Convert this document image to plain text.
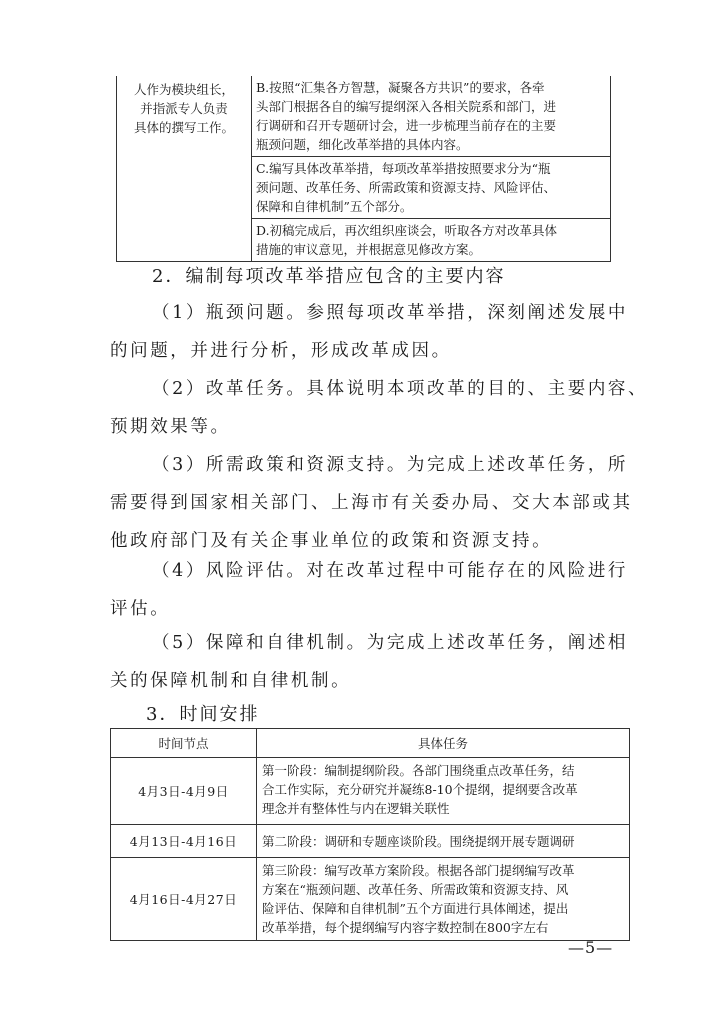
人作为模块组长，
并指派专人负责
具体的撰写工作。	B.按照“汇集各方智慧，凝聚各方共识”的要求，各牵
头部门根据各自的编写提纲深入各相关院系和部门，进
行调研和召开专题研讨会，进一步梳理当前存在的主要
瓶颈问题，细化改革举措的具体内容。
C.编写具体改革举措，每项改革举措按照要求分为“瓶
颈问题、改革任务、所需政策和资源支持、风险评估、
保障和自律机制”五个部分。
D.初稿完成后，再次组织座谈会，听取各方对改革具体
措施的审议意见，并根据意见修改方案。
2．编制每项改革举措应包含的主要内容
（1）瓶颈问题。参照每项改革举措，深刻阐述发展中
的问题，并进行分析，形成改革成因。
（2）改革任务。具体说明本项改革的目的、主要内容、
预期效果等。
（3）所需政策和资源支持。为完成上述改革任务，所
需要得到国家相关部门、上海市有关委办局、交大本部或其
他政府部门及有关企事业单位的政策和资源支持。
（4）风险评估。对在改革过程中可能存在的风险进行
评估。
（5）保障和自律机制。为完成上述改革任务，阐述相
关的保障机制和自律机制。
3．时间安排
时间节点	具体任务
4月3日-4月9日	第一阶段：编制提纲阶段。各部门围绕重点改革任务，结
合工作实际，充分研究并凝练8-10个提纲，提纲要含改革
理念并有整体性与内在逻辑关联性
4月13日-4月16日	第二阶段：调研和专题座谈阶段。围绕提纲开展专题调研
4月16日-4月27日	第三阶段：编写改革方案阶段。根据各部门提纲编写改革
方案在“瓶颈问题、改革任务、所需政策和资源支持、风
险评估、保障和自律机制”五个方面进行具体阐述，提出
改革举措，每个提纲编写内容字数控制在800字左右
—5—
